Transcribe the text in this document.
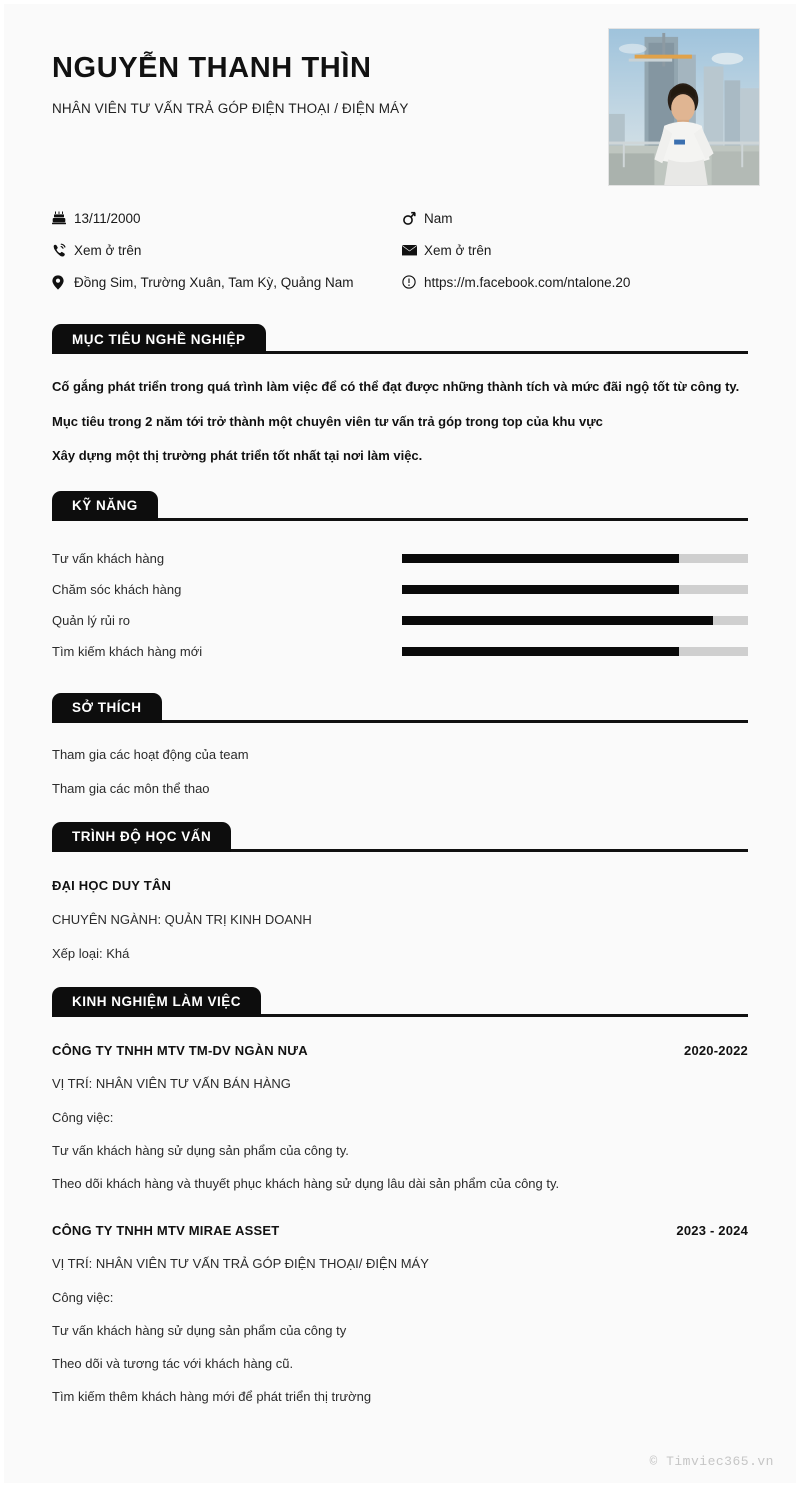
NGUYỄN THANH THÌN
NHÂN VIÊN TƯ VẤN TRẢ GÓP ĐIỆN THOẠI / ĐIỆN MÁY
13/11/2000	Nam
Xem ở trên	Xem ở trên
Đồng Sim, Trường Xuân, Tam Kỳ, Quảng Nam	https://m.facebook.com/ntalone.20
MỤC TIÊU NGHỀ NGHIỆP
Cố gắng phát triển trong quá trình làm việc để có thể đạt được những thành tích và mức đãi ngộ tốt từ công ty.
Mục tiêu trong 2 năm tới trở thành một chuyên viên tư vấn trả góp trong top của khu vực
Xây dựng một thị trường phát triển tốt nhất tại nơi làm việc.
KỸ NĂNG
Tư vấn khách hàng
Chăm sóc khách hàng
Quản lý rủi ro
Tìm kiếm khách hàng mới
SỞ THÍCH
Tham gia các hoạt động của team
Tham gia các môn thể thao
TRÌNH ĐỘ HỌC VẤN
ĐẠI HỌC DUY TÂN
CHUYÊN NGÀNH: QUẢN TRỊ KINH DOANH
Xếp loại: Khá
KINH NGHIỆM LÀM VIỆC
CÔNG TY TNHH MTV TM-DV NGÀN NƯA	2020-2022
VỊ TRÍ: NHÂN VIÊN TƯ VẤN BÁN HÀNG
Công việc:
Tư vấn khách hàng sử dụng sản phẩm của công ty.
Theo dõi khách hàng và thuyết phục khách hàng sử dụng lâu dài sản phẩm của công ty.
CÔNG TY TNHH MTV MIRAE ASSET	2023 - 2024
VỊ TRÍ: NHÂN VIÊN TƯ VẤN TRẢ GÓP ĐIỆN THOẠI/ ĐIỆN MÁY
Công việc:
Tư vấn khách hàng sử dụng sản phẩm của công ty
Theo dõi và tương tác với khách hàng cũ.
Tìm kiếm thêm khách hàng mới để phát triển thị trường
© Timviec365.vn
